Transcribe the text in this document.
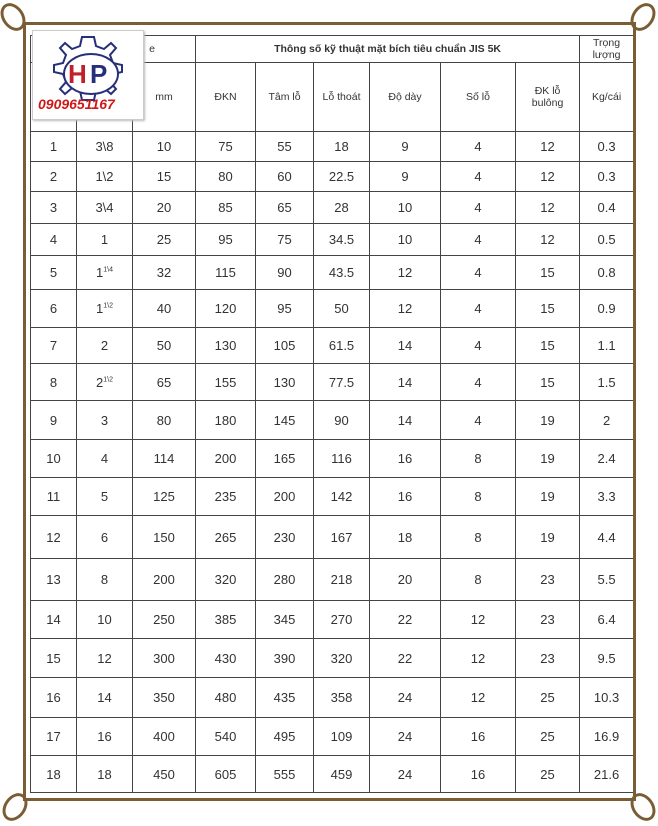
e			Thông số kỹ thuật mặt bích tiêu chuẩn JIS 5K						Trọng lượng
		mm	ĐKN	Tâm lỗ	Lỗ thoát	Độ dày	Số lỗ	ĐK lỗ bulông	Kg/cái
1	3\8	10	75	55	18	9	4	12	0.3
2	1\2	15	80	60	22.5	9	4	12	0.3
3	3\4	20	85	65	28	10	4	12	0.4
4	1	25	95	75	34.5	10	4	12	0.5
5	$1^{1\backslash 4}$	32	115	90	43.5	12	4	15	0.8
6	$1^{1\backslash 2}$	40	120	95	50	12	4	15	0.9
7	2	50	130	105	61.5	14	4	15	1.1
8	$2^{1\backslash 2}$	65	155	130	77.5	14	4	15	1.5
9	3	80	180	145	90	14	4	19	2
10	4	114	200	165	116	16	8	19	2.4
11	5	125	235	200	142	16	8	19	3.3
12	6	150	265	230	167	18	8	19	4.4
13	8	200	320	280	218	20	8	23	5.5
14	10	250	385	345	270	22	12	23	6.4
15	12	300	430	390	320	22	12	23	9.5
16	14	350	480	435	358	24	12	25	10.3
17	16	400	540	495	109	24	16	25	16.9
18	18	450	605	555	459	24	16	25	21.6
H P
0909651167
